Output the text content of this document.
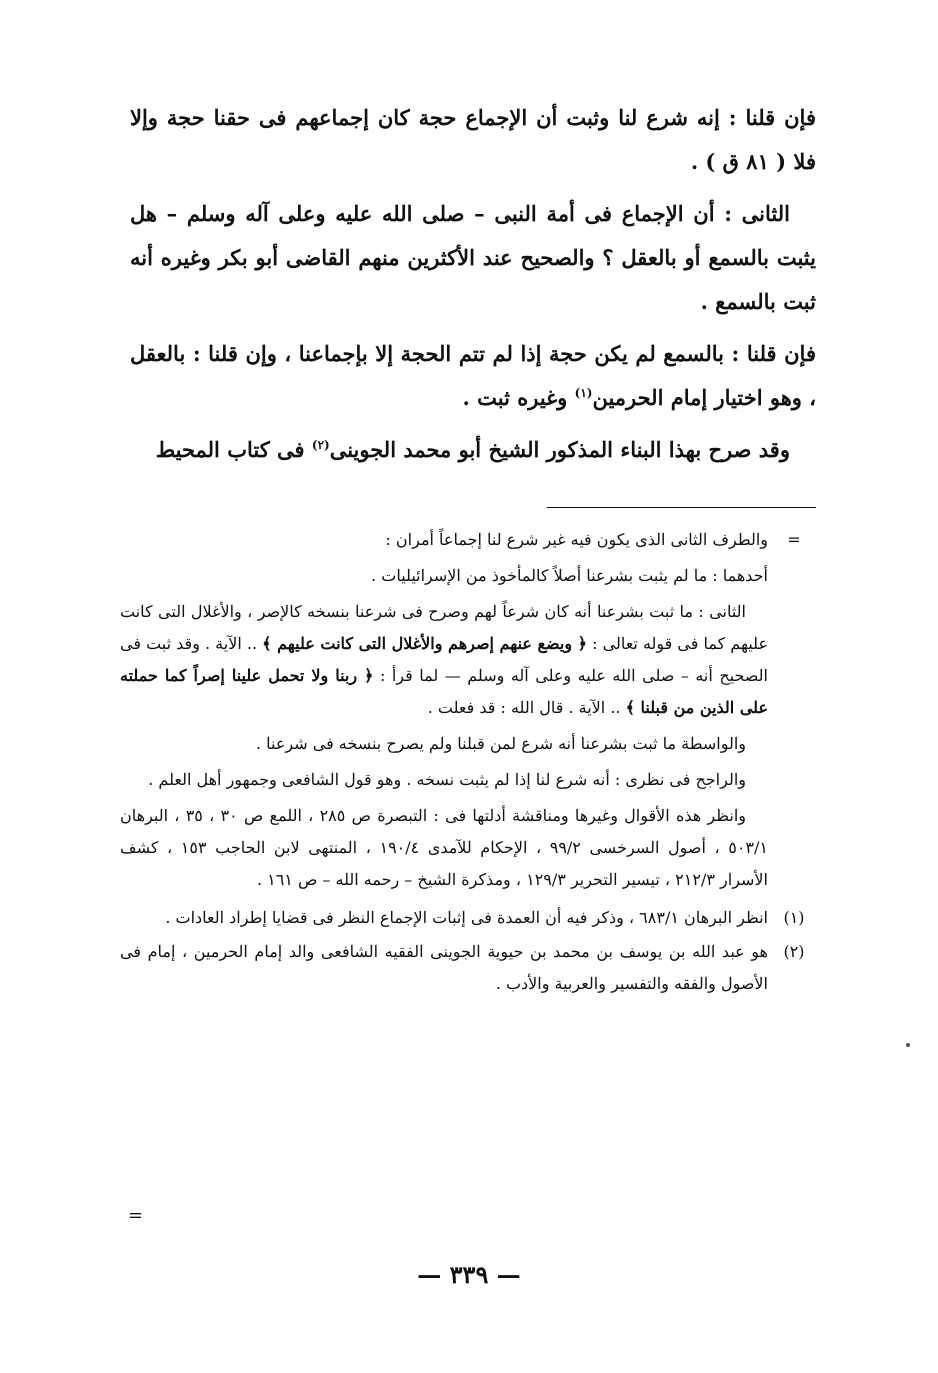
فإن قلنا : إنه شرع لنا وثبت أن الإجماع حجة كان إجماعهم فى حقنا حجة وإلا فلا ( ٨١ ق ) .

الثانى : أن الإجماع فى أمة النبى – صلى الله عليه وعلى آله وسلم – هل يثبت بالسمع أو بالعقل ؟ والصحيح عند الأكثرين منهم القاضى أبو بكر وغيره أنه ثبت بالسمع .

فإن قلنا : بالسمع لم يكن حجة إذا لم تتم الحجة إلا بإجماعنا ، وإن قلنا : بالعقل ، وهو اختيار إمام الحرمين$^{(١)}$ وغيره ثبت .

وقد صرح بهذا البناء المذكور الشيخ أبو محمد الجوينى$^{(٢)}$ فى كتاب المحيط

=

والطرف الثانى الذى يكون فيه غير شرع لنا إجماعاً أمران :

أحدهما : ما لم يثبت بشرعنا أصلاً كالمأخوذ من الإسرائيليات .

الثانى : ما ثبت بشرعنا أنه كان شرعاً لهم وصرح فى شرعنا بنسخه كالإصر ، والأغلال التى كانت عليهم كما فى قوله تعالى : ﴿ ويضع عنهم إصرهم والأغلال التى كانت عليهم ﴾ .. الآية . وقد ثبت فى الصحيح أنه – صلى الله عليه وعلى آله وسلم — لما قرأ : ﴿ ربنا ولا تحمل علينا إصراً كما حملته على الذين من قبلنا ﴾ .. الآية . قال الله : قد فعلت .

والواسطة ما ثبت بشرعنا أنه شرع لمن قبلنا ولم يصرح بنسخه فى شرعنا .

والراجح فى نظرى : أنه شرع لنا إذا لم يثبت نسخه . وهو قول الشافعى وجمهور أهل العلم .

وانظر هذه الأقوال وغيرها ومناقشة أدلتها فى : التبصرة ص ٢٨٥ ، اللمع ص ٣٠ ، ٣٥ ، البرهان ٥٠٣/١ ، أصول السرخسى ٩٩/٢ ، الإحكام للآمدى ١٩٠/٤ ، المنتهى لابن الحاجب ١٥٣ ، كشف الأسرار ٢١٢/٣ ، تيسير التحرير ١٢٩/٣ ، ومذكرة الشيخ – رحمه الله – ص ١٦١ .

(١)
انظر البرهان ٦٨٣/١ ، وذكر فيه أن العمدة فى إثبات الإجماع النظر فى قضايا إطراد العادات .
(٢)
هو عبد الله بن يوسف بن محمد بن حيوية الجوينى الفقيه الشافعى والد إمام الحرمين ، إمام فى الأصول والفقه والتفسير والعربية والأدب .
=
— ٣٣٩ —
